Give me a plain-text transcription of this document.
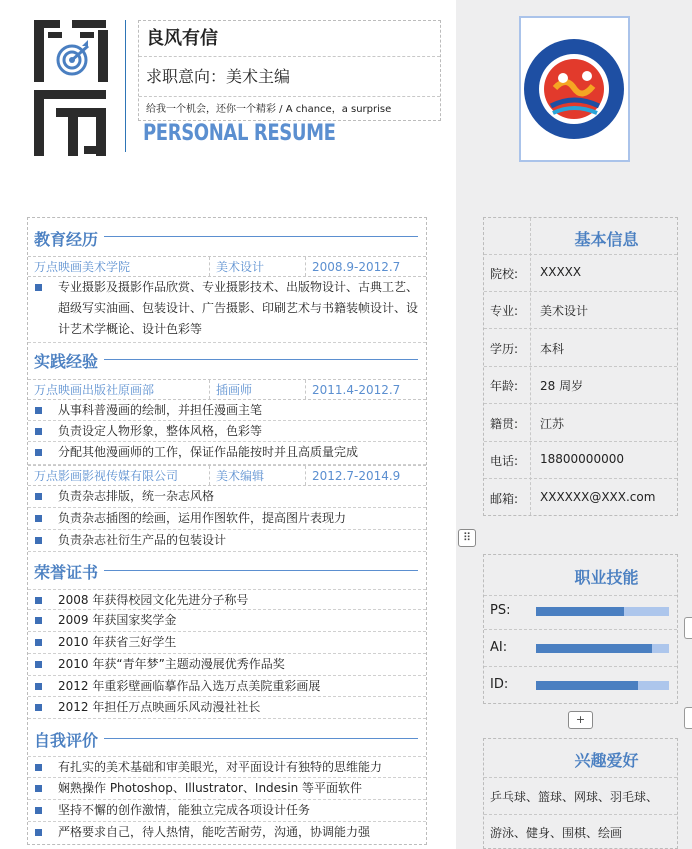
良风有信
求职意向：美术主编
给我一个机会，还你一个精彩 / A chance，a surprise
PERSONAL RESUME
教育经历
万点映画美术学院	美术设计	2008.9-2012.7
专业摄影及摄影作品欣赏、专业摄影技术、出版物设计、古典工艺、超级写实油画、包装设计、广告摄影、印刷艺术与书籍装帧设计、设计艺术学概论、设计色彩等
实践经验
万点映画出版社原画部	插画师	2011.4-2012.7
从事科普漫画的绘制，并担任漫画主笔
负责设定人物形象，整体风格，色彩等
分配其他漫画师的工作，保证作品能按时并且高质量完成
万点影画影视传媒有限公司	美术编辑	2012.7-2014.9
负责杂志排版，统一杂志风格
负责杂志插图的绘画，运用作图软件，提高图片表现力
负责杂志社衍生产品的包装设计
荣誉证书
2008 年获得校园文化先进分子称号
2009 年获国家奖学金
2010 年获省三好学生
2010 年获“青年梦”主题动漫展优秀作品奖
2012 年重彩壁画临摹作品入选万点美院重彩画展
2012 年担任万点映画乐风动漫社社长
自我评价
有扎实的美术基础和审美眼光，对平面设计有独特的思维能力
娴熟操作 Photoshop、Illustrator、Indesin 等平面软件
坚持不懈的创作激情，能独立完成各项设计任务
严格要求自己，待人热情，能吃苦耐劳，沟通，协调能力强
基本信息
院校: XXXXX
专业: 美术设计
学历: 本科
年龄: 28 周岁
籍贯: 江苏
电话: 18800000000
邮箱: XXXXXX@XXX.com
⠿
职业技能
PS:
AI:
ID:
+
兴趣爱好
乒乓球、篮球、网球、羽毛球、
游泳、健身、围棋、绘画
